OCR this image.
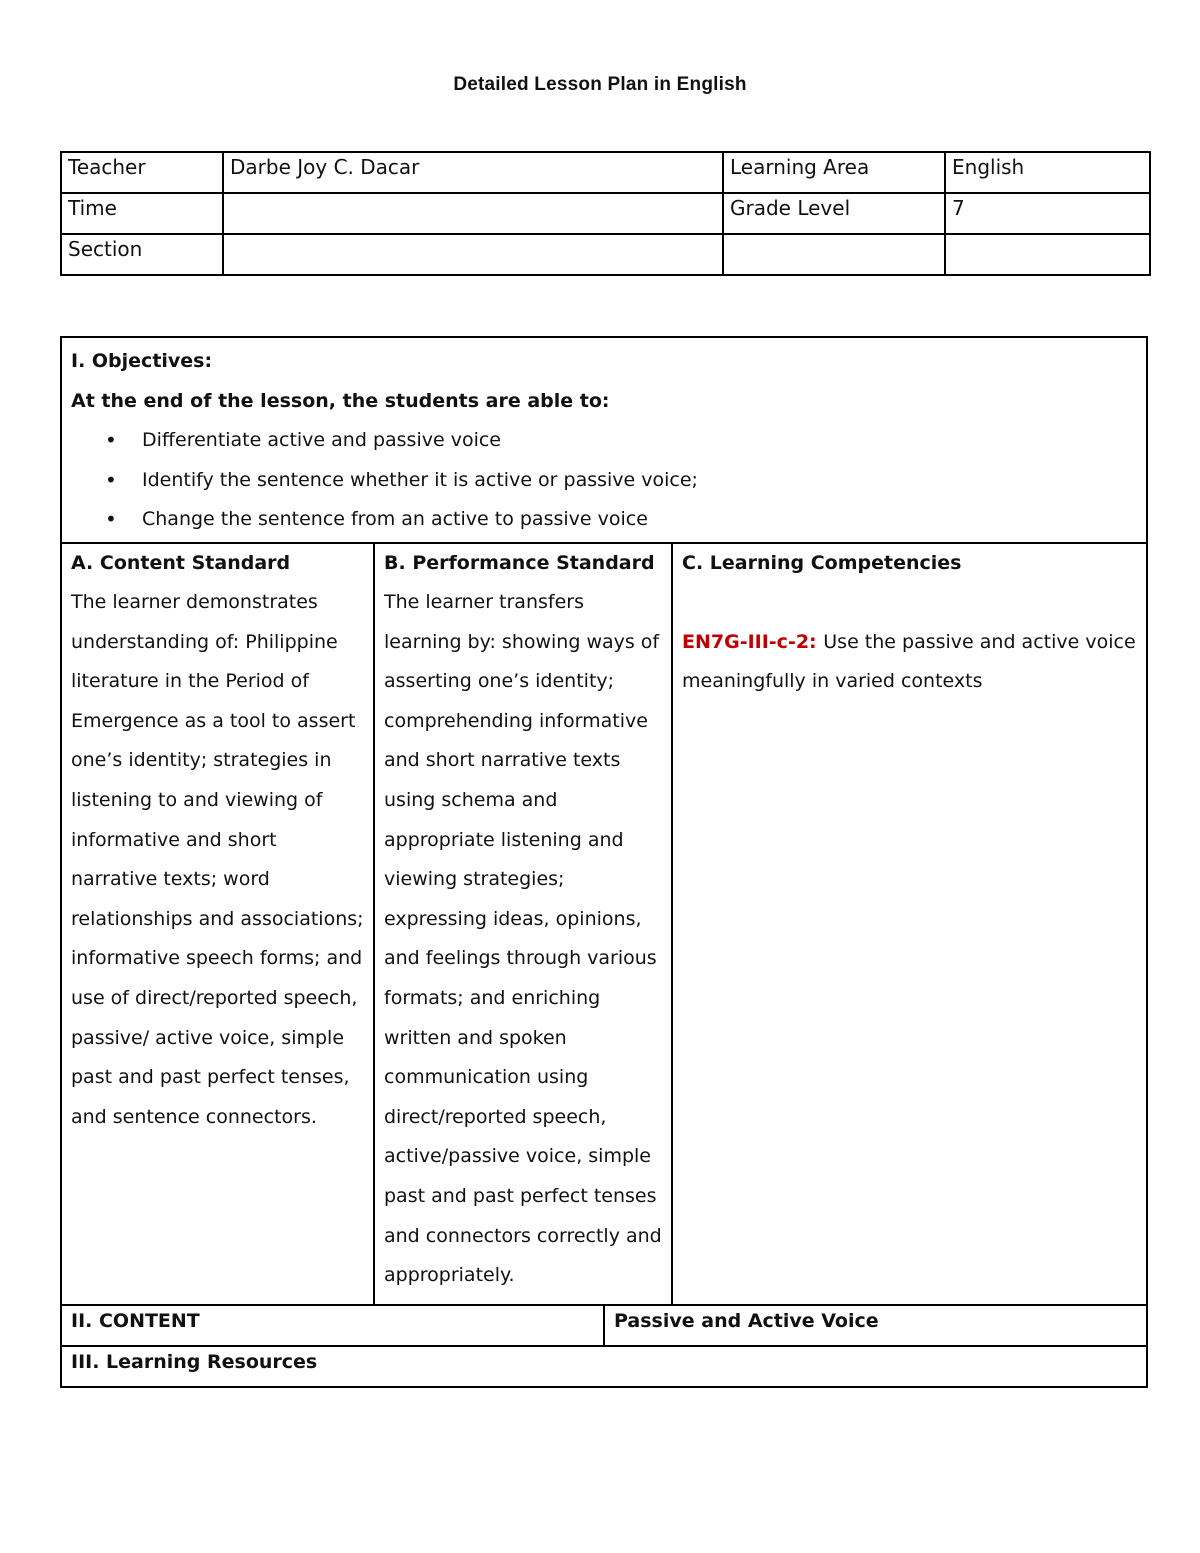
Detailed Lesson Plan in English
Teacher	Darbe Joy C. Dacar	Learning Area	English
Time		Grade Level	7
Section			
I. Objectives:
At the end of the lesson, the students are able to:
• Differentiate active and passive voice
• Identify the sentence whether it is active or passive voice;
• Change the sentence from an active to passive voice
A. Content Standard
The learner demonstrates understanding of: Philippine literature in the Period of Emergence as a tool to assert one’s identity; strategies in listening to and viewing of informative and short narrative texts; word relationships and associations; informative speech forms; and use of direct/reported speech, passive/ active voice, simple past and past perfect tenses, and sentence connectors.
B. Performance Standard
The learner transfers learning by: showing ways of asserting one’s identity; comprehending informative and short narrative texts using schema and appropriate listening and viewing strategies; expressing ideas, opinions, and feelings through various formats; and enriching written and spoken communication using direct/reported speech, active/passive voice, simple past and past perfect tenses and connectors correctly and appropriately.
C. Learning Competencies
EN7G-III-c-2: Use the passive and active voice meaningfully in varied contexts
II. CONTENT	Passive and Active Voice
III. Learning Resources
